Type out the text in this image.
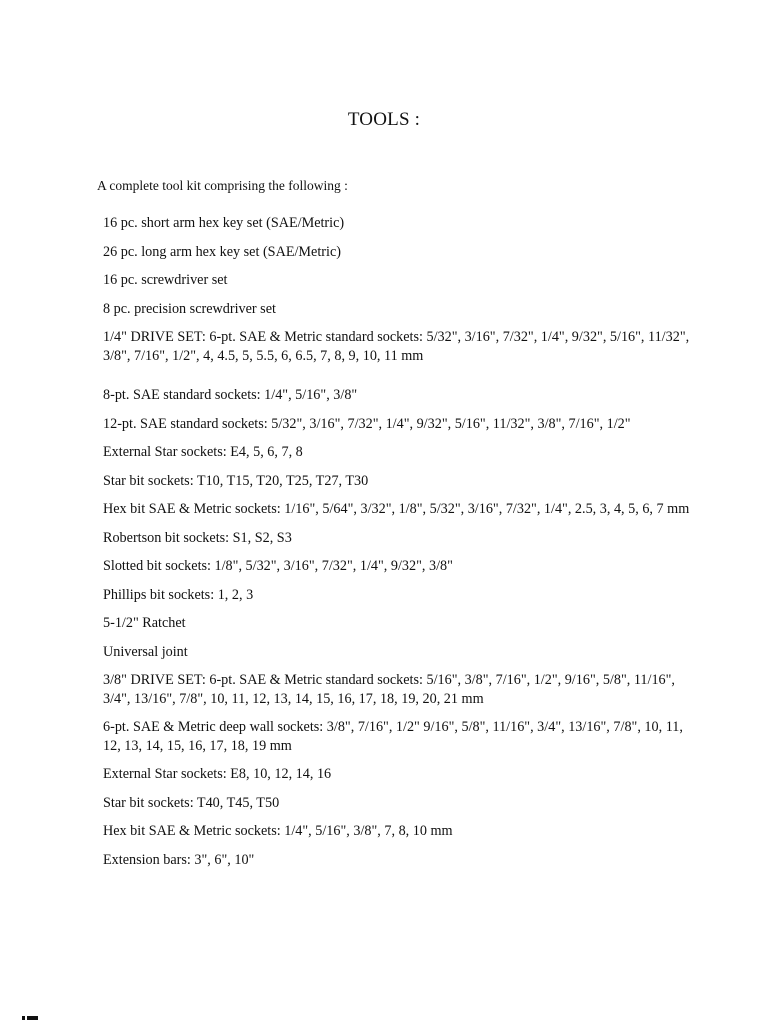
TOOLS :
A complete tool kit comprising the following :
16 pc. short arm hex key set (SAE/Metric)
26 pc. long arm hex key set (SAE/Metric)
16 pc. screwdriver set
8 pc. precision screwdriver set
1/4" DRIVE SET: 6-pt. SAE & Metric standard sockets: 5/32", 3/16", 7/32", 1/4", 9/32", 5/16", 11/32", 3/8", 7/16", 1/2", 4, 4.5, 5, 5.5, 6, 6.5, 7, 8, 9, 10, 11 mm
8-pt. SAE standard sockets: 1/4", 5/16", 3/8"
12-pt. SAE standard sockets: 5/32", 3/16", 7/32", 1/4", 9/32", 5/16", 11/32", 3/8", 7/16", 1/2"
External Star sockets: E4, 5, 6, 7, 8
Star bit sockets: T10, T15, T20, T25, T27, T30
Hex bit SAE & Metric sockets: 1/16", 5/64", 3/32", 1/8", 5/32", 3/16", 7/32", 1/4", 2.5, 3, 4, 5, 6, 7 mm
Robertson bit sockets: S1, S2, S3
Slotted bit sockets: 1/8", 5/32", 3/16", 7/32", 1/4", 9/32", 3/8"
Phillips bit sockets: 1, 2, 3
5-1/2" Ratchet
Universal joint
3/8" DRIVE SET: 6-pt. SAE & Metric standard sockets: 5/16", 3/8", 7/16", 1/2", 9/16", 5/8", 11/16", 3/4", 13/16", 7/8", 10, 11, 12, 13, 14, 15, 16, 17, 18, 19, 20, 21 mm
6-pt. SAE & Metric deep wall sockets: 3/8", 7/16", 1/2" 9/16", 5/8", 11/16", 3/4", 13/16", 7/8", 10, 11, 12, 13, 14, 15, 16, 17, 18, 19 mm
External Star sockets: E8, 10, 12, 14, 16
Star bit sockets: T40, T45, T50
Hex bit SAE & Metric sockets: 1/4", 5/16", 3/8", 7, 8, 10 mm
Extension bars: 3", 6", 10"
